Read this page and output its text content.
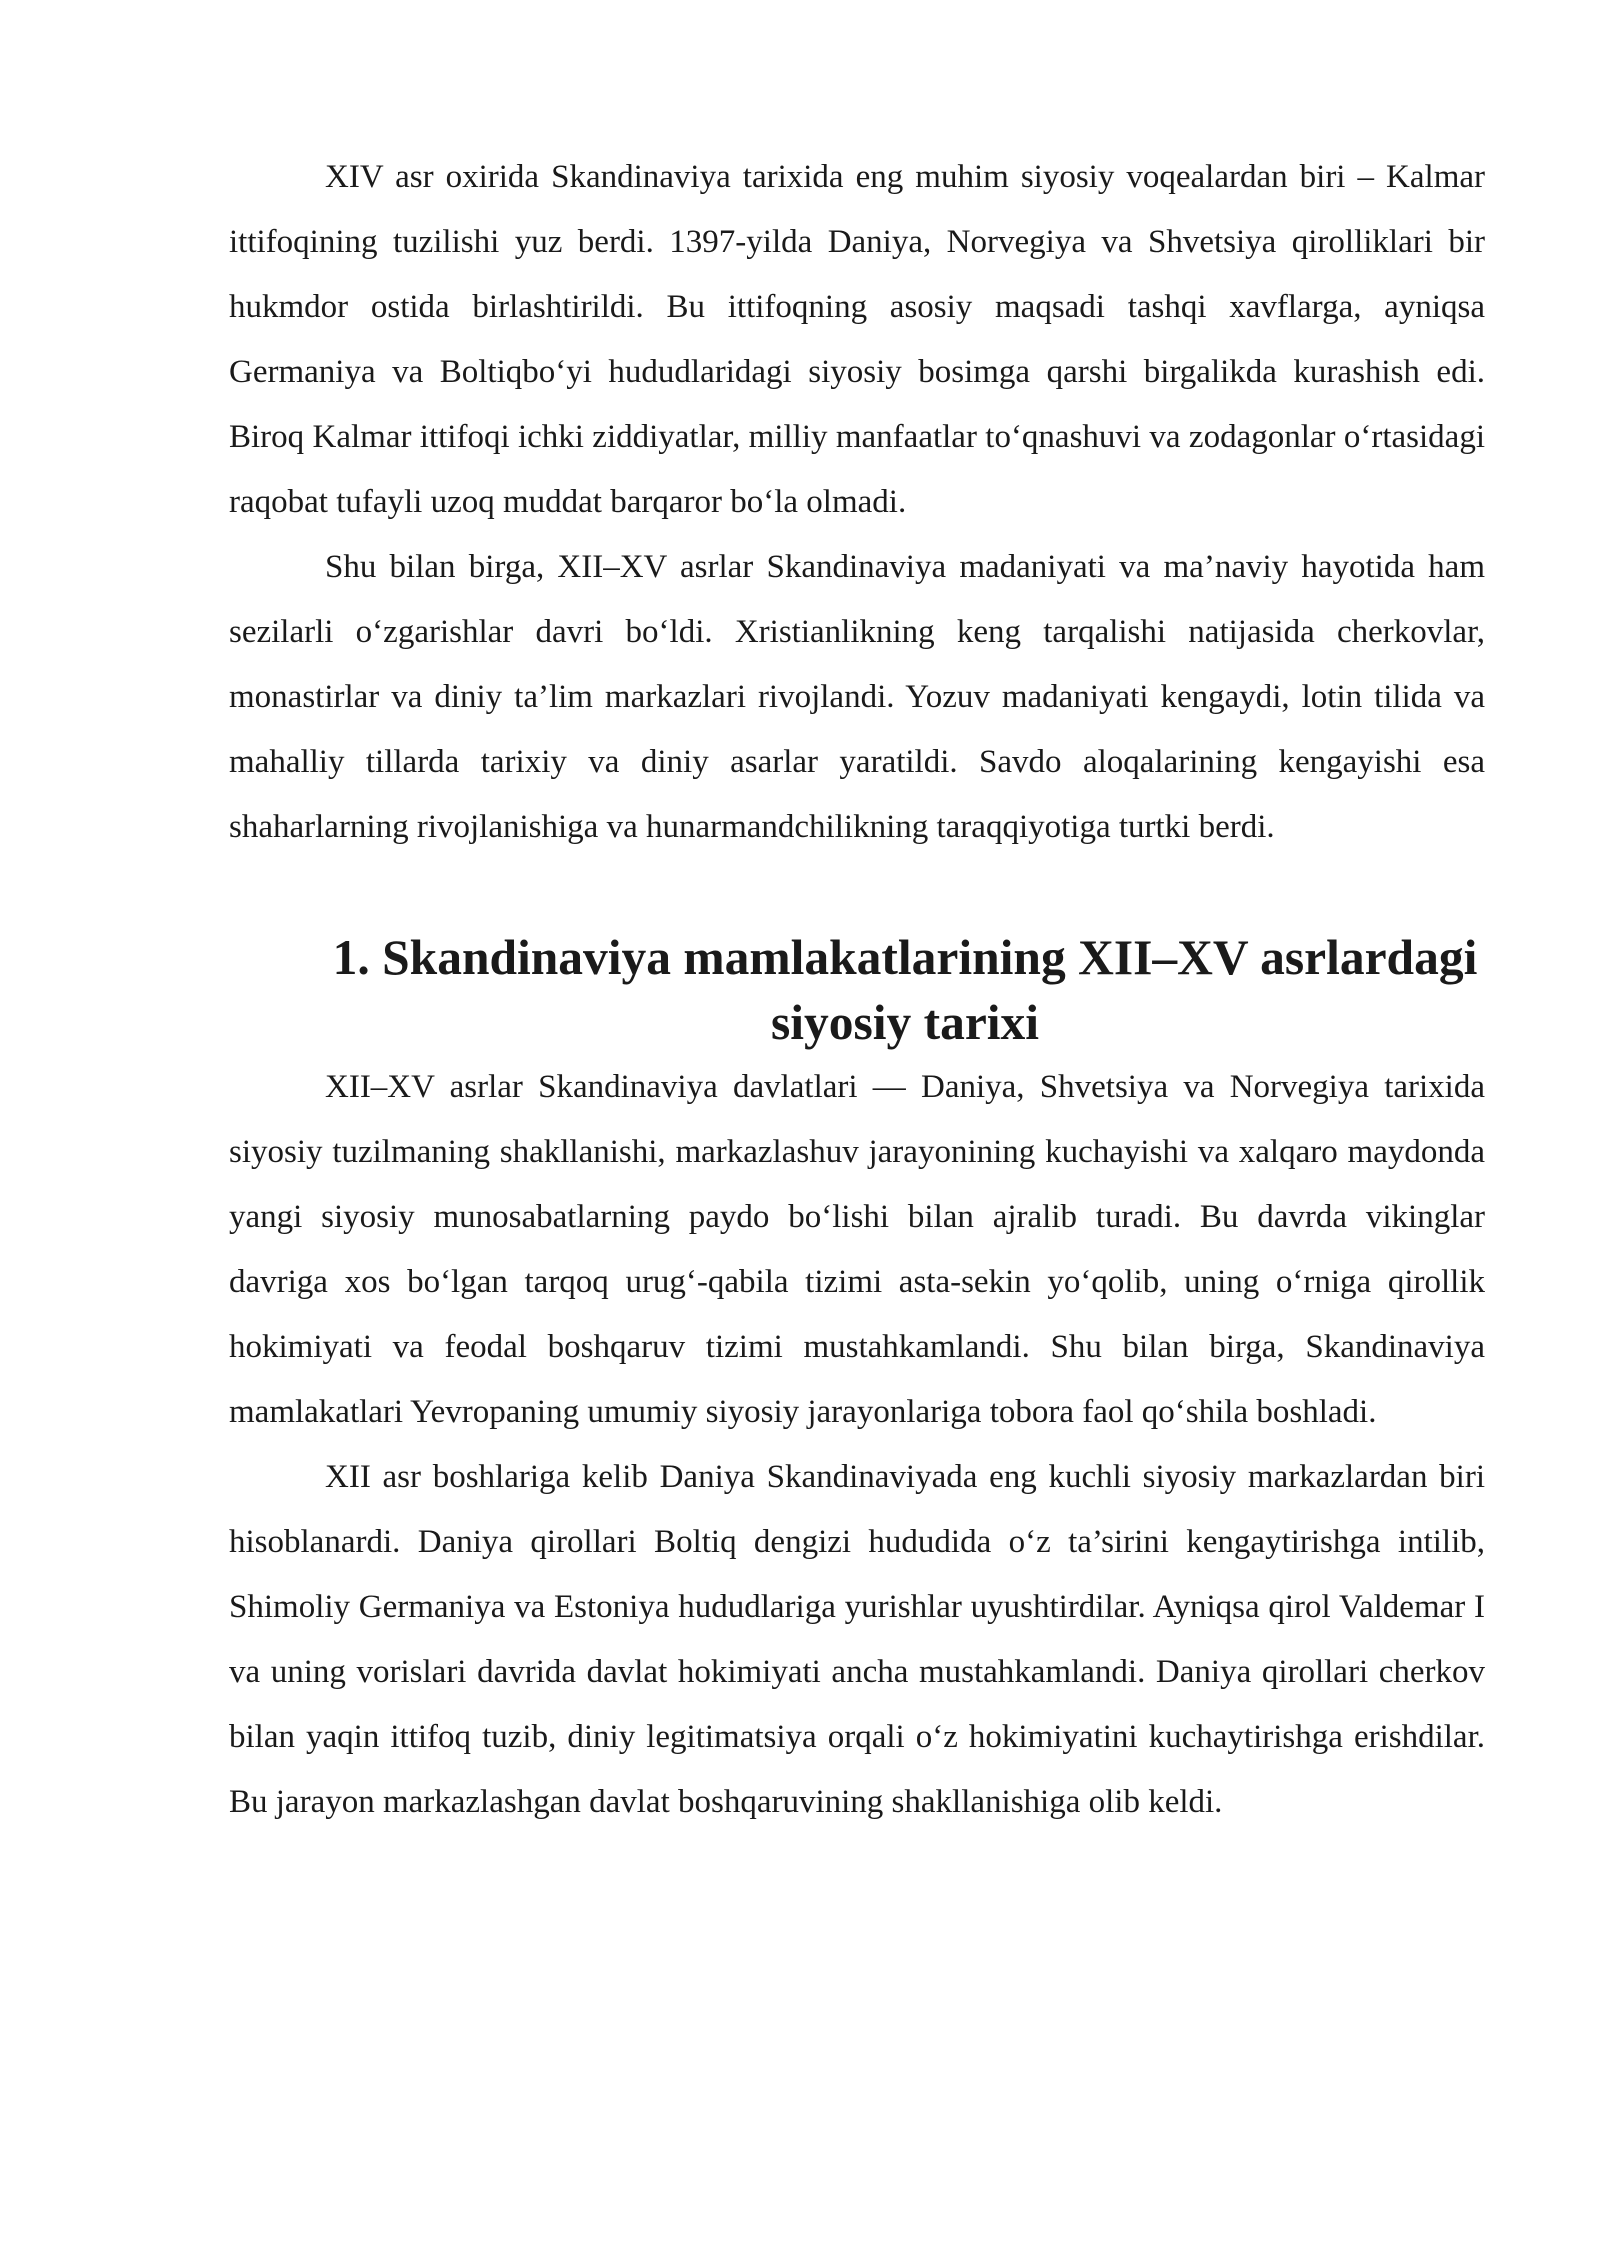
XIV asr oxirida Skandinaviya tarixida eng muhim siyosiy voqealardan biri – Kalmar ittifoqining tuzilishi yuz berdi. 1397-yilda Daniya, Norvegiya va Shvetsiya qirolliklari bir hukmdor ostida birlashtirildi. Bu ittifoqning asosiy maqsadi tashqi xavflarga, ayniqsa Germaniya va Boltiqbo‘yi hududlaridagi siyosiy bosimga qarshi birgalikda kurashish edi. Biroq Kalmar ittifoqi ichki ziddiyatlar, milliy manfaatlar to‘qnashuvi va zodagonlar o‘rtasidagi raqobat tufayli uzoq muddat barqaror bo‘la olmadi.

Shu bilan birga, XII–XV asrlar Skandinaviya madaniyati va ma’naviy hayotida ham sezilarli o‘zgarishlar davri bo‘ldi. Xristianlikning keng tarqalishi natijasida cherkovlar, monastirlar va diniy ta’lim markazlari rivojlandi. Yozuv madaniyati kengaydi, lotin tilida va mahalliy tillarda tarixiy va diniy asarlar yaratildi. Savdo aloqalarining kengayishi esa shaharlarning rivojlanishiga va hunarmandchilikning taraqqiyotiga turtki berdi.

1. Skandinaviya mamlakatlarining XII–XV asrlardagi siyosiy tarixi

XII–XV asrlar Skandinaviya davlatlari — Daniya, Shvetsiya va Norvegiya tarixida siyosiy tuzilmaning shakllanishi, markazlashuv jarayonining kuchayishi va xalqaro maydonda yangi siyosiy munosabatlarning paydo bo‘lishi bilan ajralib turadi. Bu davrda vikinglar davriga xos bo‘lgan tarqoq urug‘-qabila tizimi asta-sekin yo‘qolib, uning o‘rniga qirollik hokimiyati va feodal boshqaruv tizimi mustahkamlandi. Shu bilan birga, Skandinaviya mamlakatlari Yevropaning umumiy siyosiy jarayonlariga tobora faol qo‘shila boshladi.

XII asr boshlariga kelib Daniya Skandinaviyada eng kuchli siyosiy markazlardan biri hisoblanardi. Daniya qirollari Boltiq dengizi hududida o‘z ta’sirini kengaytirishga intilib, Shimoliy Germaniya va Estoniya hududlariga yurishlar uyushtirdilar. Ayniqsa qirol Valdemar I va uning vorislari davrida davlat hokimiyati ancha mustahkamlandi. Daniya qirollari cherkov bilan yaqin ittifoq tuzib, diniy legitimatsiya orqali o‘z hokimiyatini kuchaytirishga erishdilar. Bu jarayon markazlashgan davlat boshqaruvining shakllanishiga olib keldi.
